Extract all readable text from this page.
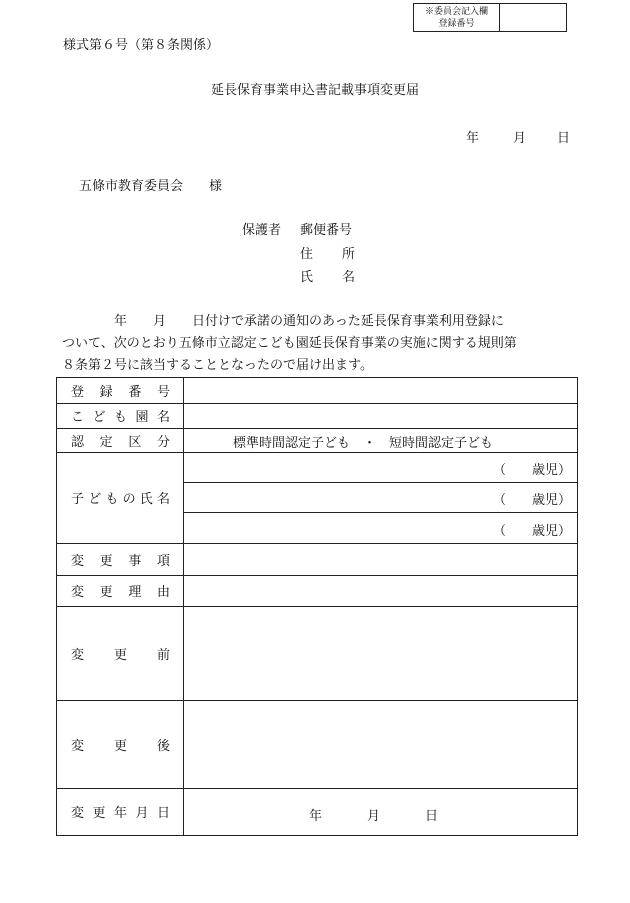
※委員会記入欄
登録番号
様式第６号（第８条関係）
延長保育事業申込書記載事項変更届
年	月 日
五條市教育委員会　　様
保護者 郵便番号
住 所
氏 名
　　　　年　　月　　日付けで承諾の通知のあった延長保育事業利用登録に
ついて、次のとおり五條市立認定こども園延長保育事業の実施に関する規則第
８条第２号に該当することとなったので届け出ます。
登 録 番 号
こ ど も 園 名
認 定 区 分	標準時間認定子ども　・　短時間認定子ども
子 ど も の 氏 名
（　　歳児）
（　　歳児）
（　　歳児）
変 更 事 項
変 更 理 由
変 更 前
変 更 後
変 更 年 月 日	年	月	日
